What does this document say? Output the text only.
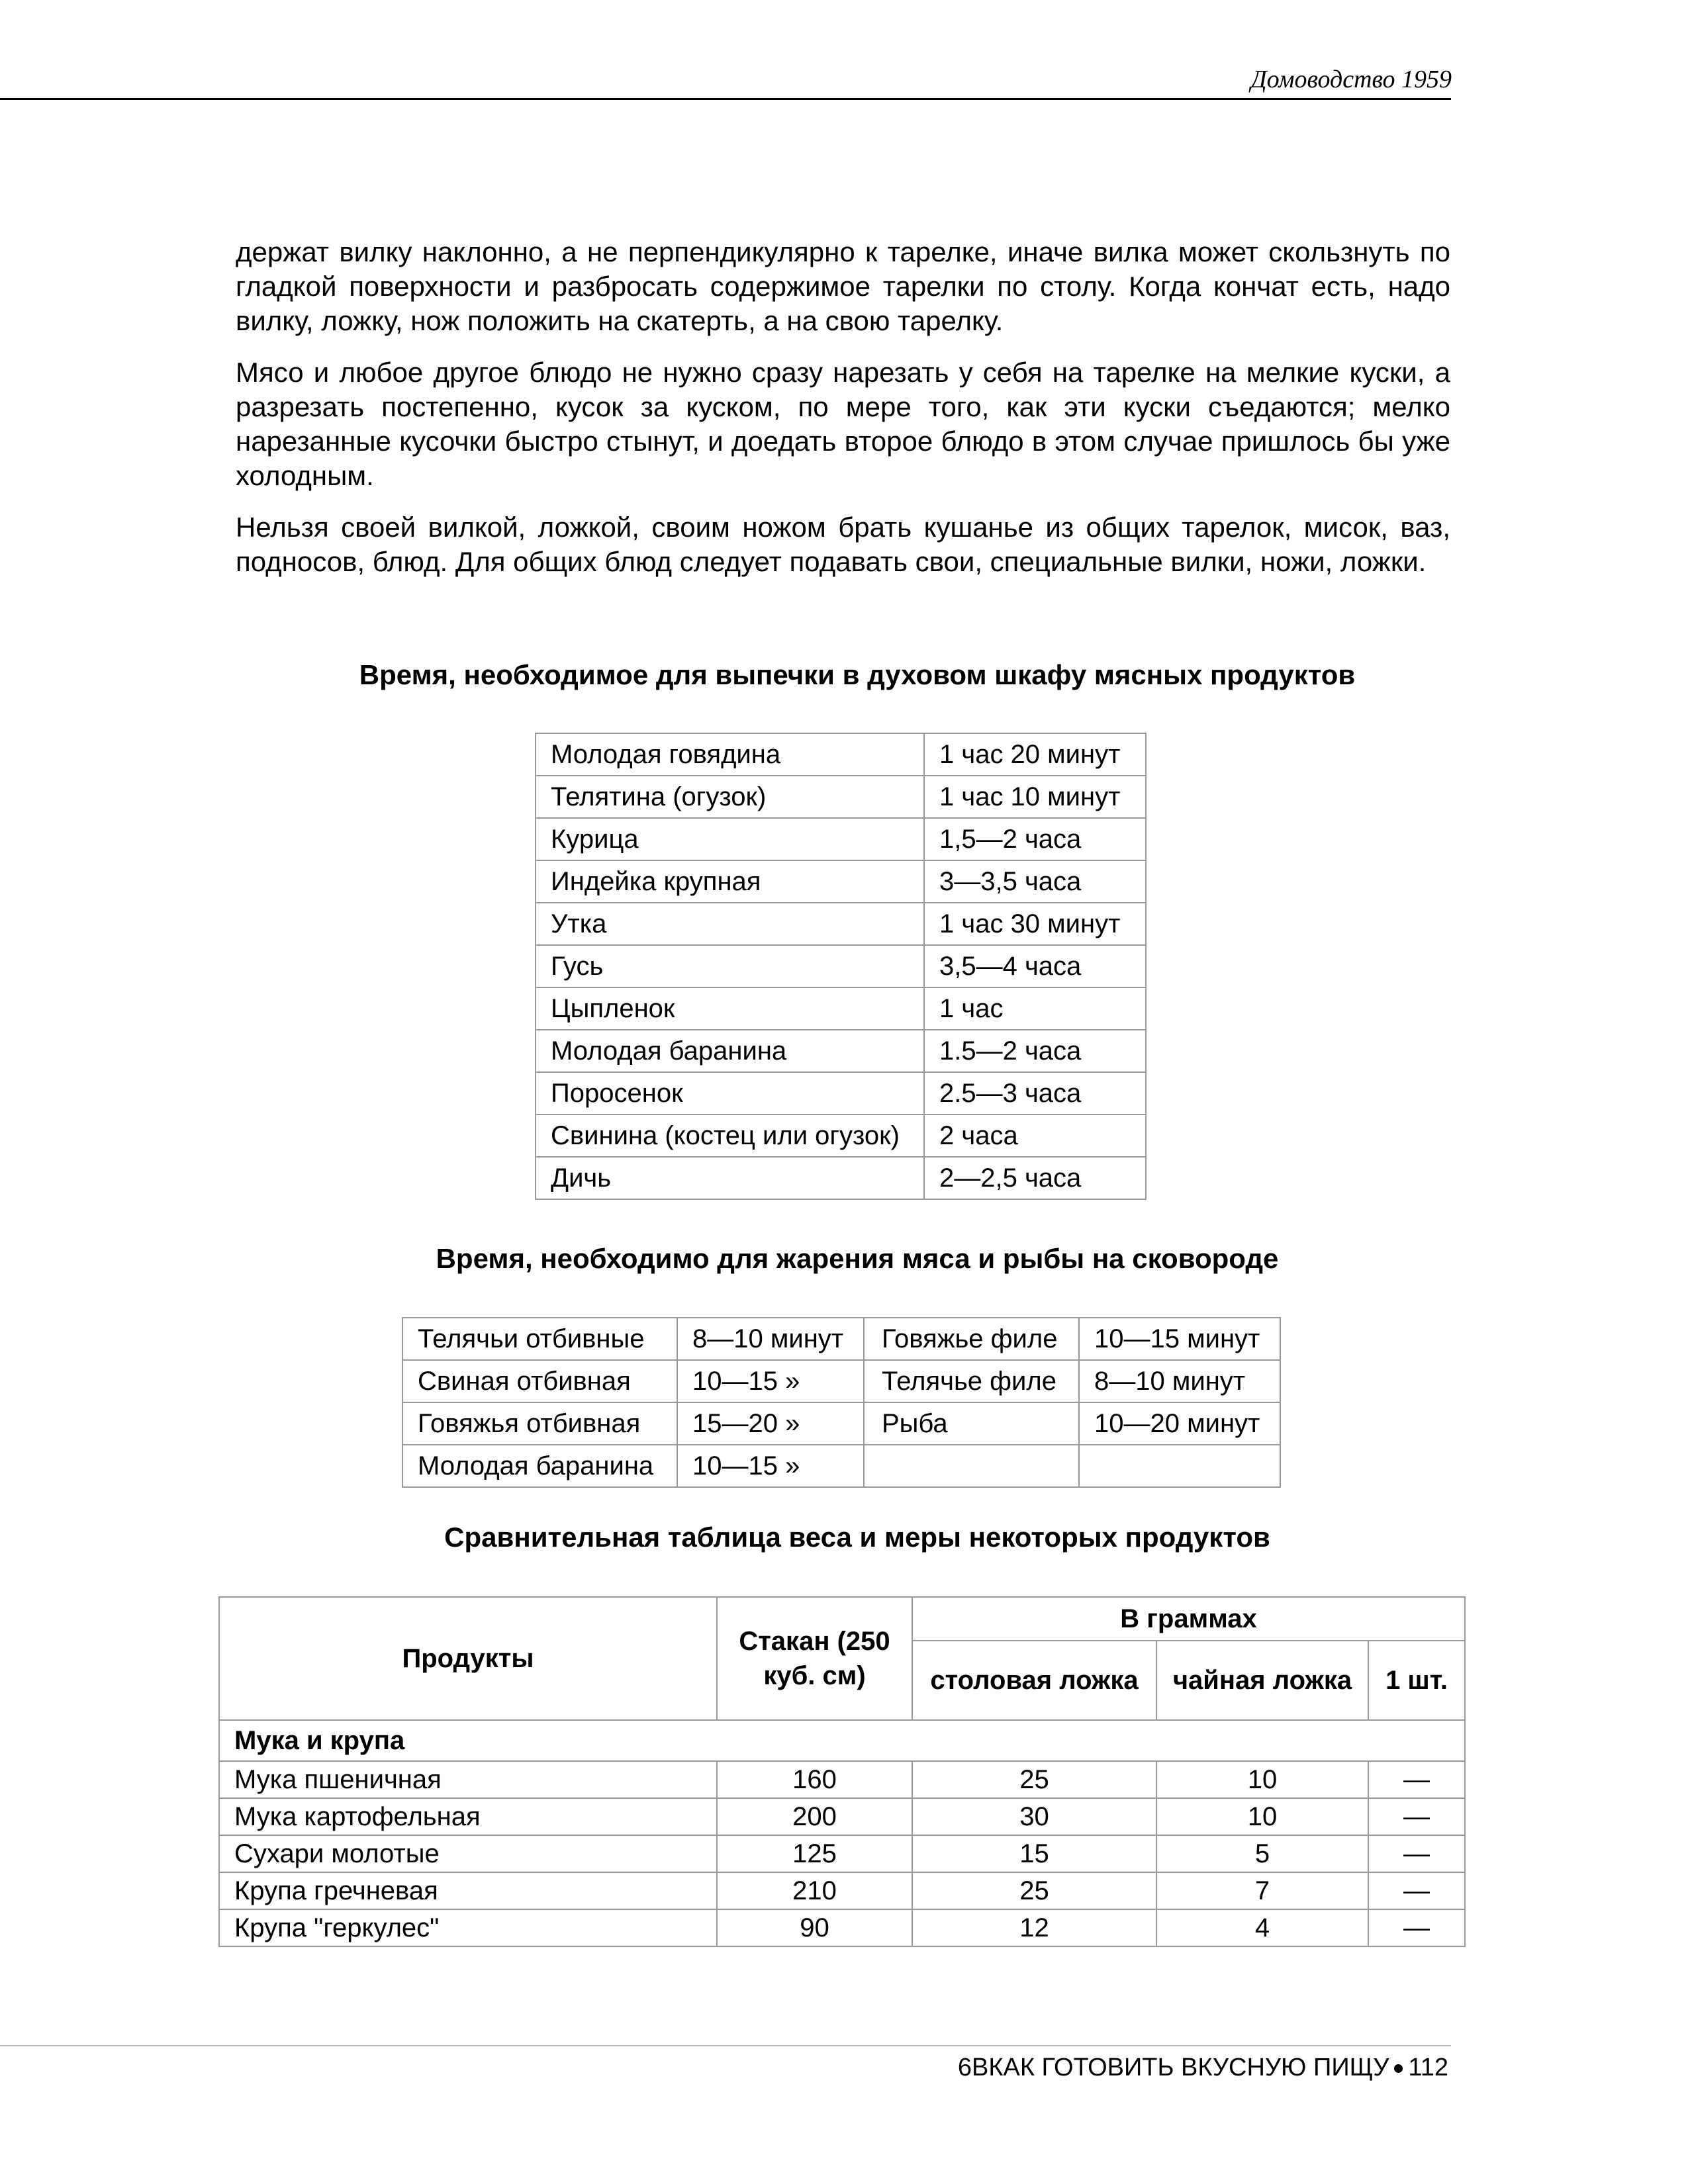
Домоводство 1959

держат вилку наклонно, а не перпендикулярно к тарелке, иначе вилка может скользнуть по гладкой поверхности и разбросать содержимое тарелки по столу. Когда кончат есть, надо вилку, ложку, нож положить на скатерть, а на свою тарелку.

Мясо и любое другое блюдо не нужно сразу нарезать у себя на тарелке на мелкие куски, а разрезать постепенно, кусок за куском, по мере того, как эти куски съедаются; мелко нарезанные кусочки быстро стынут, и доедать второе блюдо в этом случае пришлось бы уже холодным.

Нельзя своей вилкой, ложкой, своим ножом брать кушанье из общих тарелок, мисок, ваз, подносов, блюд. Для общих блюд следует подавать свои, специальные вилки, ножи, ложки.

Время, необходимое для выпечки в духовом шкафу мясных продуктов
Молодая говядина	1 час 20 минут
Телятина (огузок)	1 час 10 минут
Курица	1,5—2 часа
Индейка крупная	3—3,5 часа
Утка	1 час 30 минут
Гусь	3,5—4 часа
Цыпленок	1 час
Молодая баранина	1.5—2 часа
Поросенок	2.5—3 часа
Свинина (костец или огузок)	2 часа
Дичь	2—2,5 часа
Время, необходимо для жарения мяса и рыбы на сковороде
Телячьи отбивные	8—10 минут	Говяжье филе	10—15 минут
Свиная отбивная	10—15 »	Телячье филе	8—10 минут
Говяжья отбивная	15—20 »	Рыба	10—20 минут
Молодая баранина	10—15 »		
Сравнительная таблица веса и меры некоторых продуктов
Продукты	Стакан (250 куб. см)	В граммах		
		столовая ложка	чайная ложка	1 шт.
Мука и крупа				
Мука пшеничная	160	25	10	—
Мука картофельная	200	30	10	—
Сухари молотые	125	15	5	—
Крупа гречневая	210	25	7	—
Крупа "геркулес"	90	12	4	—
6ВКАК ГОТОВИТЬ ВКУСНУЮ ПИЩУ 112
